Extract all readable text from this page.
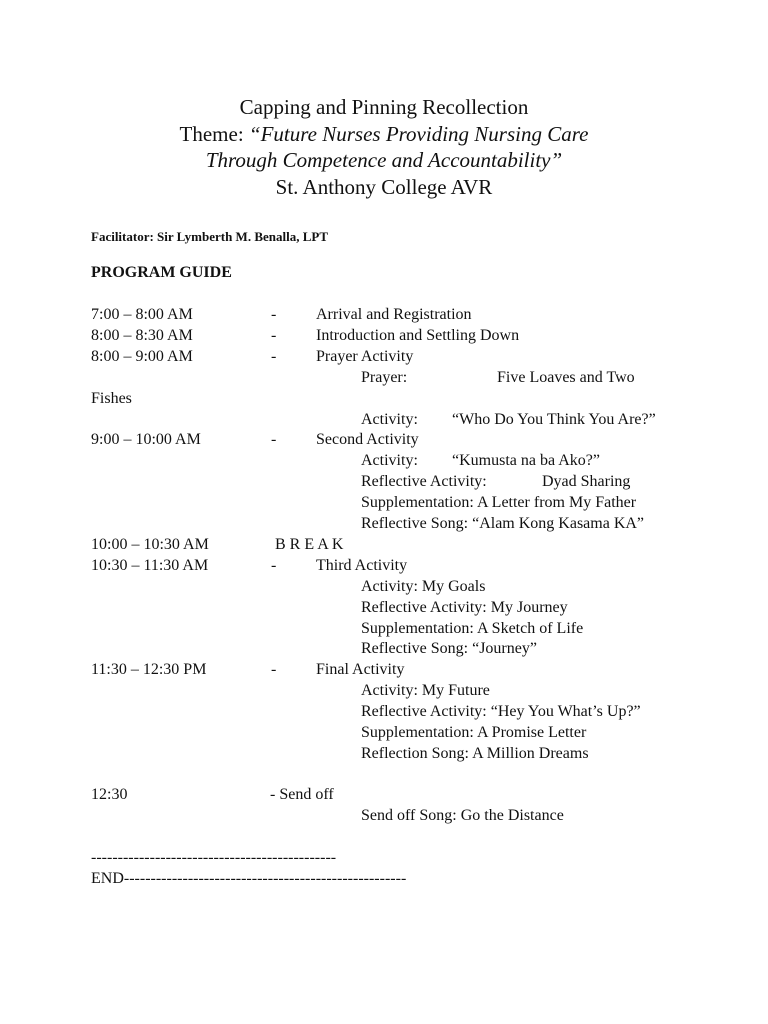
Capping and Pinning Recollection
Theme: “Future Nurses Providing Nursing Care
Through Competence and Accountability”
St. Anthony College AVR
Facilitator: Sir Lymberth M. Benalla, LPT
PROGRAM GUIDE
7:00 – 8:00 AM	- Arrival and Registration
8:00 – 8:30 AM	- Introduction and Settling Down
8:00 – 9:00 AM	- Prayer Activity
Prayer:	Five Loaves and Two
Fishes
Activity: “Who Do You Think You Are?”
9:00 – 10:00 AM	- Second Activity
Activity: “Kumusta na ba Ako?”
Reflective Activity:	Dyad Sharing
Supplementation: A Letter from My Father
Reflective Song: “Alam Kong Kasama KA”
10:00 – 10:30 AM	B R E A K
10:30 – 11:30 AM	- Third Activity
Activity: My Goals
Reflective Activity: My Journey
Supplementation: A Sketch of Life
Reflective Song: “Journey”
11:30 – 12:30 PM	- Final Activity
Activity: My Future
Reflective Activity: “Hey You What’s Up?”
Supplementation: A Promise Letter
Reflection Song: A Million Dreams
12:30	- Send off
Send off Song: Go the Distance
----------------------------------------------
END-----------------------------------------------------
